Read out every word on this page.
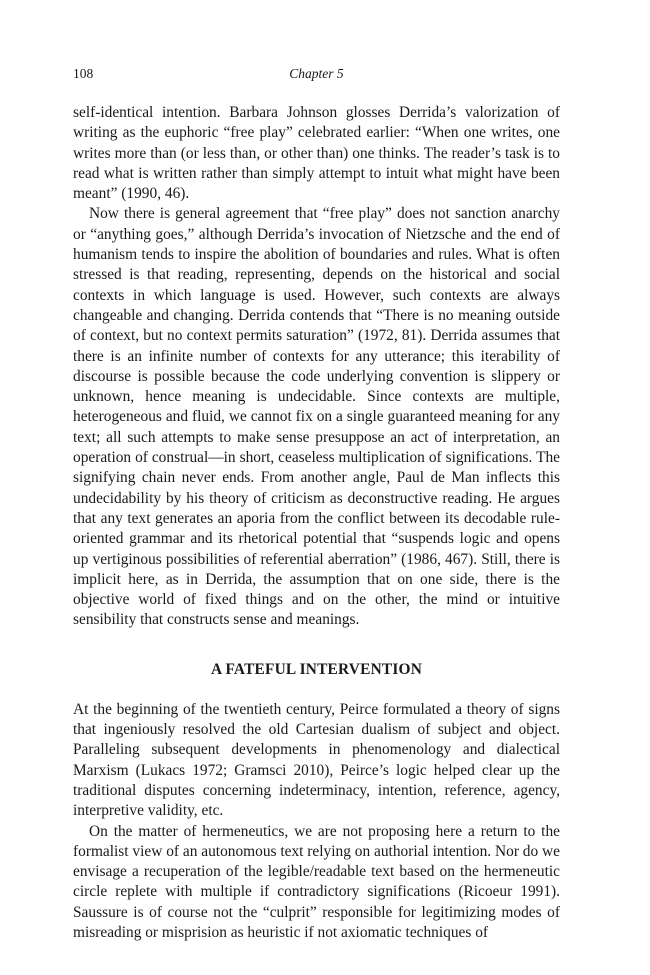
108	Chapter 5

self-identical intention. Barbara Johnson glosses Derrida’s valorization of writing as the euphoric “free play” celebrated earlier: “When one writes, one writes more than (or less than, or other than) one thinks. The reader’s task is to read what is written rather than simply attempt to intuit what might have been meant” (1990, 46).

Now there is general agreement that “free play” does not sanction anarchy or “anything goes,” although Derrida’s invocation of Nietzsche and the end of humanism tends to inspire the abolition of boundaries and rules. What is often stressed is that reading, representing, depends on the historical and social contexts in which language is used. However, such contexts are always changeable and changing. Derrida contends that “There is no meaning outside of context, but no context permits saturation” (1972, 81). Derrida assumes that there is an infinite number of contexts for any utterance; this iterability of discourse is possible because the code underlying convention is slippery or unknown, hence meaning is undecidable. Since contexts are multiple, heterogeneous and fluid, we cannot fix on a single guaranteed meaning for any text; all such attempts to make sense presuppose an act of interpretation, an operation of construal—in short, ceaseless multiplication of significations. The signifying chain never ends. From another angle, Paul de Man inflects this undecidability by his theory of criticism as deconstructive reading. He argues that any text generates an aporia from the conflict between its decodable rule-oriented grammar and its rhetorical potential that “suspends logic and opens up vertiginous possibilities of referential aberration” (1986, 467). Still, there is implicit here, as in Derrida, the assumption that on one side, there is the objective world of fixed things and on the other, the mind or intuitive sensibility that constructs sense and meanings.

A FATEFUL INTERVENTION

At the beginning of the twentieth century, Peirce formulated a theory of signs that ingeniously resolved the old Cartesian dualism of subject and object. Paralleling subsequent developments in phenomenology and dialectical Marxism (Lukacs 1972; Gramsci 2010), Peirce’s logic helped clear up the traditional disputes concerning indeterminacy, intention, reference, agency, interpretive validity, etc.

On the matter of hermeneutics, we are not proposing here a return to the formalist view of an autonomous text relying on authorial intention. Nor do we envisage a recuperation of the legible/readable text based on the hermeneutic circle replete with multiple if contradictory significations (Ricoeur 1991). Saussure is of course not the “culprit” responsible for legitimizing modes of misreading or misprision as heuristic if not axiomatic techniques of
